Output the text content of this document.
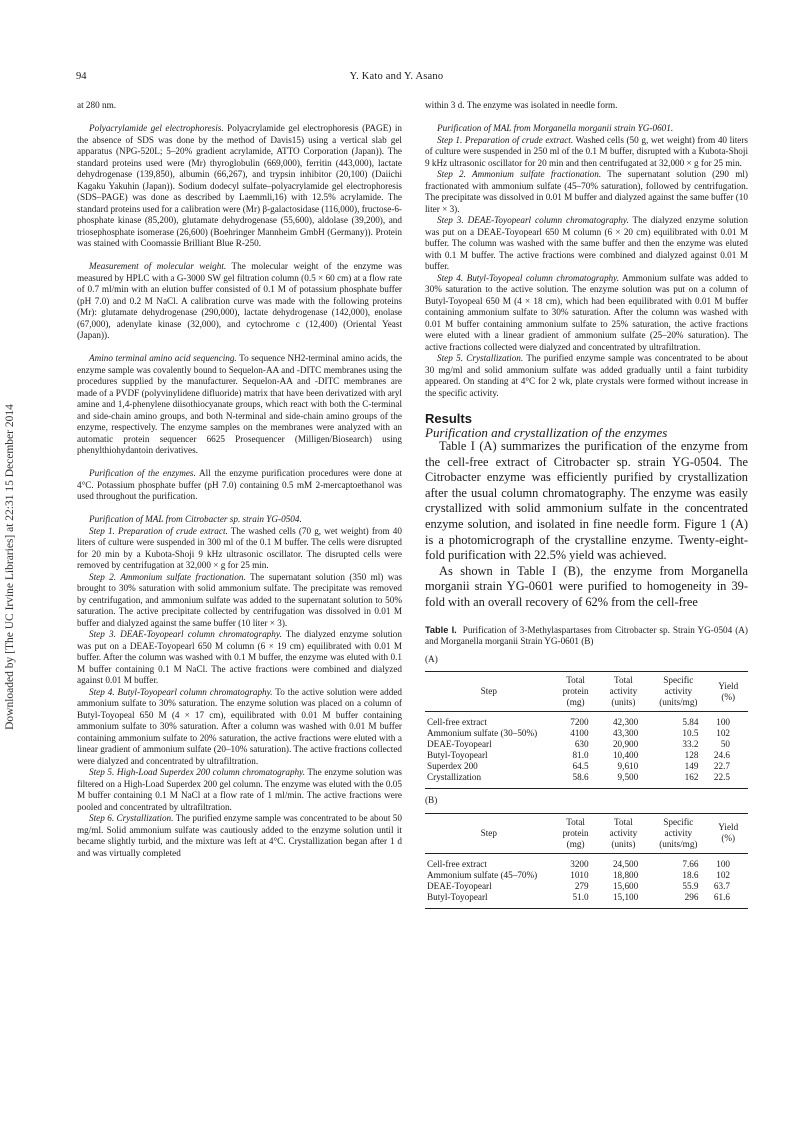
94	Y. Kato and Y. Asano
Downloaded by [The UC Irvine Libraries] at 22:31 15 December 2014

at 280 nm.

Polyacrylamide gel electrophoresis. Polyacrylamide gel electrophoresis (PAGE) in the absence of SDS was done by the method of Davis15) using a vertical slab gel apparatus (NPG-520L; 5–20% gradient acrylamide, ATTO Corporation (Japan)). The standard proteins used were (Mr) thyroglobulin (669,000), ferritin (443,000), lactate dehydrogenase (139,850), albumin (66,267), and trypsin inhibitor (20,100) (Daiichi Kagaku Yakuhin (Japan)). Sodium dodecyl sulfate–polyacrylamide gel electrophoresis (SDS–PAGE) was done as described by Laemmli,16) with 12.5% acrylamide. The standard proteins used for a calibration were (Mr) β-galactosidase (116,000), fructose-6-phosphate kinase (85,200), glutamate dehydrogenase (55,600), aldolase (39,200), and triosephosphate isomerase (26,600) (Boehringer Mannheim GmbH (Germany)). Protein was stained with Coomassie Brilliant Blue R-250.

Measurement of molecular weight. The molecular weight of the enzyme was measured by HPLC with a G-3000 SW gel filtration column (0.5 × 60 cm) at a flow rate of 0.7 ml/min with an elution buffer consisted of 0.1 M of potassium phosphate buffer (pH 7.0) and 0.2 M NaCl. A calibration curve was made with the following proteins (Mr): glutamate dehydrogenase (290,000), lactate dehydrogenase (142,000), enolase (67,000), adenylate kinase (32,000), and cytochrome c (12,400) (Oriental Yeast (Japan)).

Amino terminal amino acid sequencing. To sequence NH2-terminal amino acids, the enzyme sample was covalently bound to Sequelon-AA and -DITC membranes using the procedures supplied by the manufacturer. Sequelon-AA and -DITC membranes are made of a PVDF (polyvinylidene difluoride) matrix that have been derivatized with aryl amine and 1,4-phenylene diisothiocyanate groups, which react with both the C-terminal and side-chain amino groups, and both N-terminal and side-chain amino groups of the enzyme, respectively. The enzyme samples on the membranes were analyzed with an automatic protein sequencer 6625 Prosequencer (Milligen/Biosearch) using phenylthiohydantoin derivatives.

Purification of the enzymes. All the enzyme purification procedures were done at 4°C. Potassium phosphate buffer (pH 7.0) containing 0.5 mM 2-mercaptoethanol was used throughout the purification.

Purification of MAL from Citrobacter sp. strain YG-0504.

Step 1. Preparation of crude extract. The washed cells (70 g, wet weight) from 40 liters of culture were suspended in 300 ml of the 0.1 M buffer. The cells were disrupted for 20 min by a Kubota-Shoji 9 kHz ultrasonic oscillator. The disrupted cells were removed by centrifugation at 32,000 × g for 25 min.

Step 2. Ammonium sulfate fractionation. The supernatant solution (350 ml) was brought to 30% saturation with solid ammonium sulfate. The precipitate was removed by centrifugation, and ammonium sulfate was added to the supernatant solution to 50% saturation. The active precipitate collected by centrifugation was dissolved in 0.01 M buffer and dialyzed against the same buffer (10 liter × 3).

Step 3. DEAE-Toyopearl column chromatography. The dialyzed enzyme solution was put on a DEAE-Toyopearl 650 M column (6 × 19 cm) equilibrated with 0.01 M buffer. After the column was washed with 0.1 M buffer, the enzyme was eluted with 0.1 M buffer containing 0.1 M NaCl. The active fractions were combined and dialyzed against 0.01 M buffer.

Step 4. Butyl-Toyopearl column chromatography. To the active solution were added ammonium sulfate to 30% saturation. The enzyme solution was placed on a column of Butyl-Toyopeal 650 M (4 × 17 cm), equilibrated with 0.01 M buffer containing ammonium sulfate to 30% saturation. After a column was washed with 0.01 M buffer containing ammonium sulfate to 20% saturation, the active fractions were eluted with a linear gradient of ammonium sulfate (20–10% saturation). The active fractions collected were dialyzed and concentrated by ultrafiltration.

Step 5. High-Load Superdex 200 column chromatography. The enzyme solution was filtered on a High-Load Superdex 200 gel column. The enzyme was eluted with the 0.05 M buffer containing 0.1 M NaCl at a flow rate of 1 ml/min. The active fractions were pooled and concentrated by ultrafiltration.

Step 6. Crystallization. The purified enzyme sample was concentrated to be about 50 mg/ml. Solid ammonium sulfate was cautiously added to the enzyme solution until it became slightly turbid, and the mixture was left at 4°C. Crystallization began after 1 d and was virtually completed

within 3 d. The enzyme was isolated in needle form.

Purification of MAL from Morganella morganii strain YG-0601.

Step 1. Preparation of crude extract. Washed cells (50 g, wet weight) from 40 liters of culture were suspended in 250 ml of the 0.1 M buffer, disrupted with a Kubota-Shoji 9 kHz ultrasonic oscillator for 20 min and then centrifugated at 32,000 × g for 25 min.

Step 2. Ammonium sulfate fractionation. The supernatant solution (290 ml) fractionated with ammonium sulfate (45–70% saturation), followed by centrifugation. The precipitate was dissolved in 0.01 M buffer and dialyzed against the same buffer (10 liter × 3).

Step 3. DEAE-Toyopearl column chromatography. The dialyzed enzyme solution was put on a DEAE-Toyopearl 650 M column (6 × 20 cm) equilibrated with 0.01 M buffer. The column was washed with the same buffer and then the enzyme was eluted with 0.1 M buffer. The active fractions were combined and dialyzed against 0.01 M buffer.

Step 4. Butyl-Toyopeal column chromatography. Ammonium sulfate was added to 30% saturation to the active solution. The enzyme solution was put on a column of Butyl-Toyopeal 650 M (4 × 18 cm), which had been equilibrated with 0.01 M buffer containing ammonium sulfate to 30% saturation. After the column was washed with 0.01 M buffer containing ammonium sulfate to 25% saturation, the active fractions were eluted with a linear gradient of ammonium sulfate (25–20% saturation). The active fractions collected were dialyzed and concentrated by ultrafiltration.

Step 5. Crystallization. The purified enzyme sample was concentrated to be about 30 mg/ml and solid ammonium sulfate was added gradually until a faint turbidity appeared. On standing at 4°C for 2 wk, plate crystals were formed without increase in the specific activity.

Results
Purification and crystallization of the enzymes

Table I (A) summarizes the purification of the enzyme from the cell-free extract of Citrobacter sp. strain YG-0504. The Citrobacter enzyme was efficiently purified by crystallization after the usual column chromatography. The enzyme was easily crystallized with solid ammonium sulfate in the concentrated enzyme solution, and isolated in fine needle form. Figure 1 (A) is a photomicrograph of the crystalline enzyme. Twenty-eight-fold purification with 22.5% yield was achieved.

As shown in Table I (B), the enzyme from Morganella morganii strain YG-0601 were purified to homogeneity in 39-fold with an overall recovery of 62% from the cell-free

Table I. Purification of 3-Methylaspartases from Citrobacter sp. Strain YG-0504 (A) and Morganella morganii Strain YG-0601 (B)
(A)
Step	Total protein (mg)	Total activity (units)	Specific activity (units/mg)	Yield (%)
Cell-free extract	7200	42,300	5.84	100
Ammonium sulfate (30–50%)	4100	43,300	10.5	102
DEAE-Toyopearl	630	20,900	33.2	50
Butyl-Toyopearl	81.0	10,400	128	24.6
Superdex 200	64.5	9,610	149	22.7
Crystallization	58.6	9,500	162	22.5
(B)
Step	Total protein (mg)	Total activity (units)	Specific activity (units/mg)	Yield (%)
Cell-free extract	3200	24,500	7.66	100
Ammonium sulfate (45–70%)	1010	18,800	18.6	102
DEAE-Toyopearl	279	15,600	55.9	63.7
Butyl-Toyopearl	51.0	15,100	296	61.6
